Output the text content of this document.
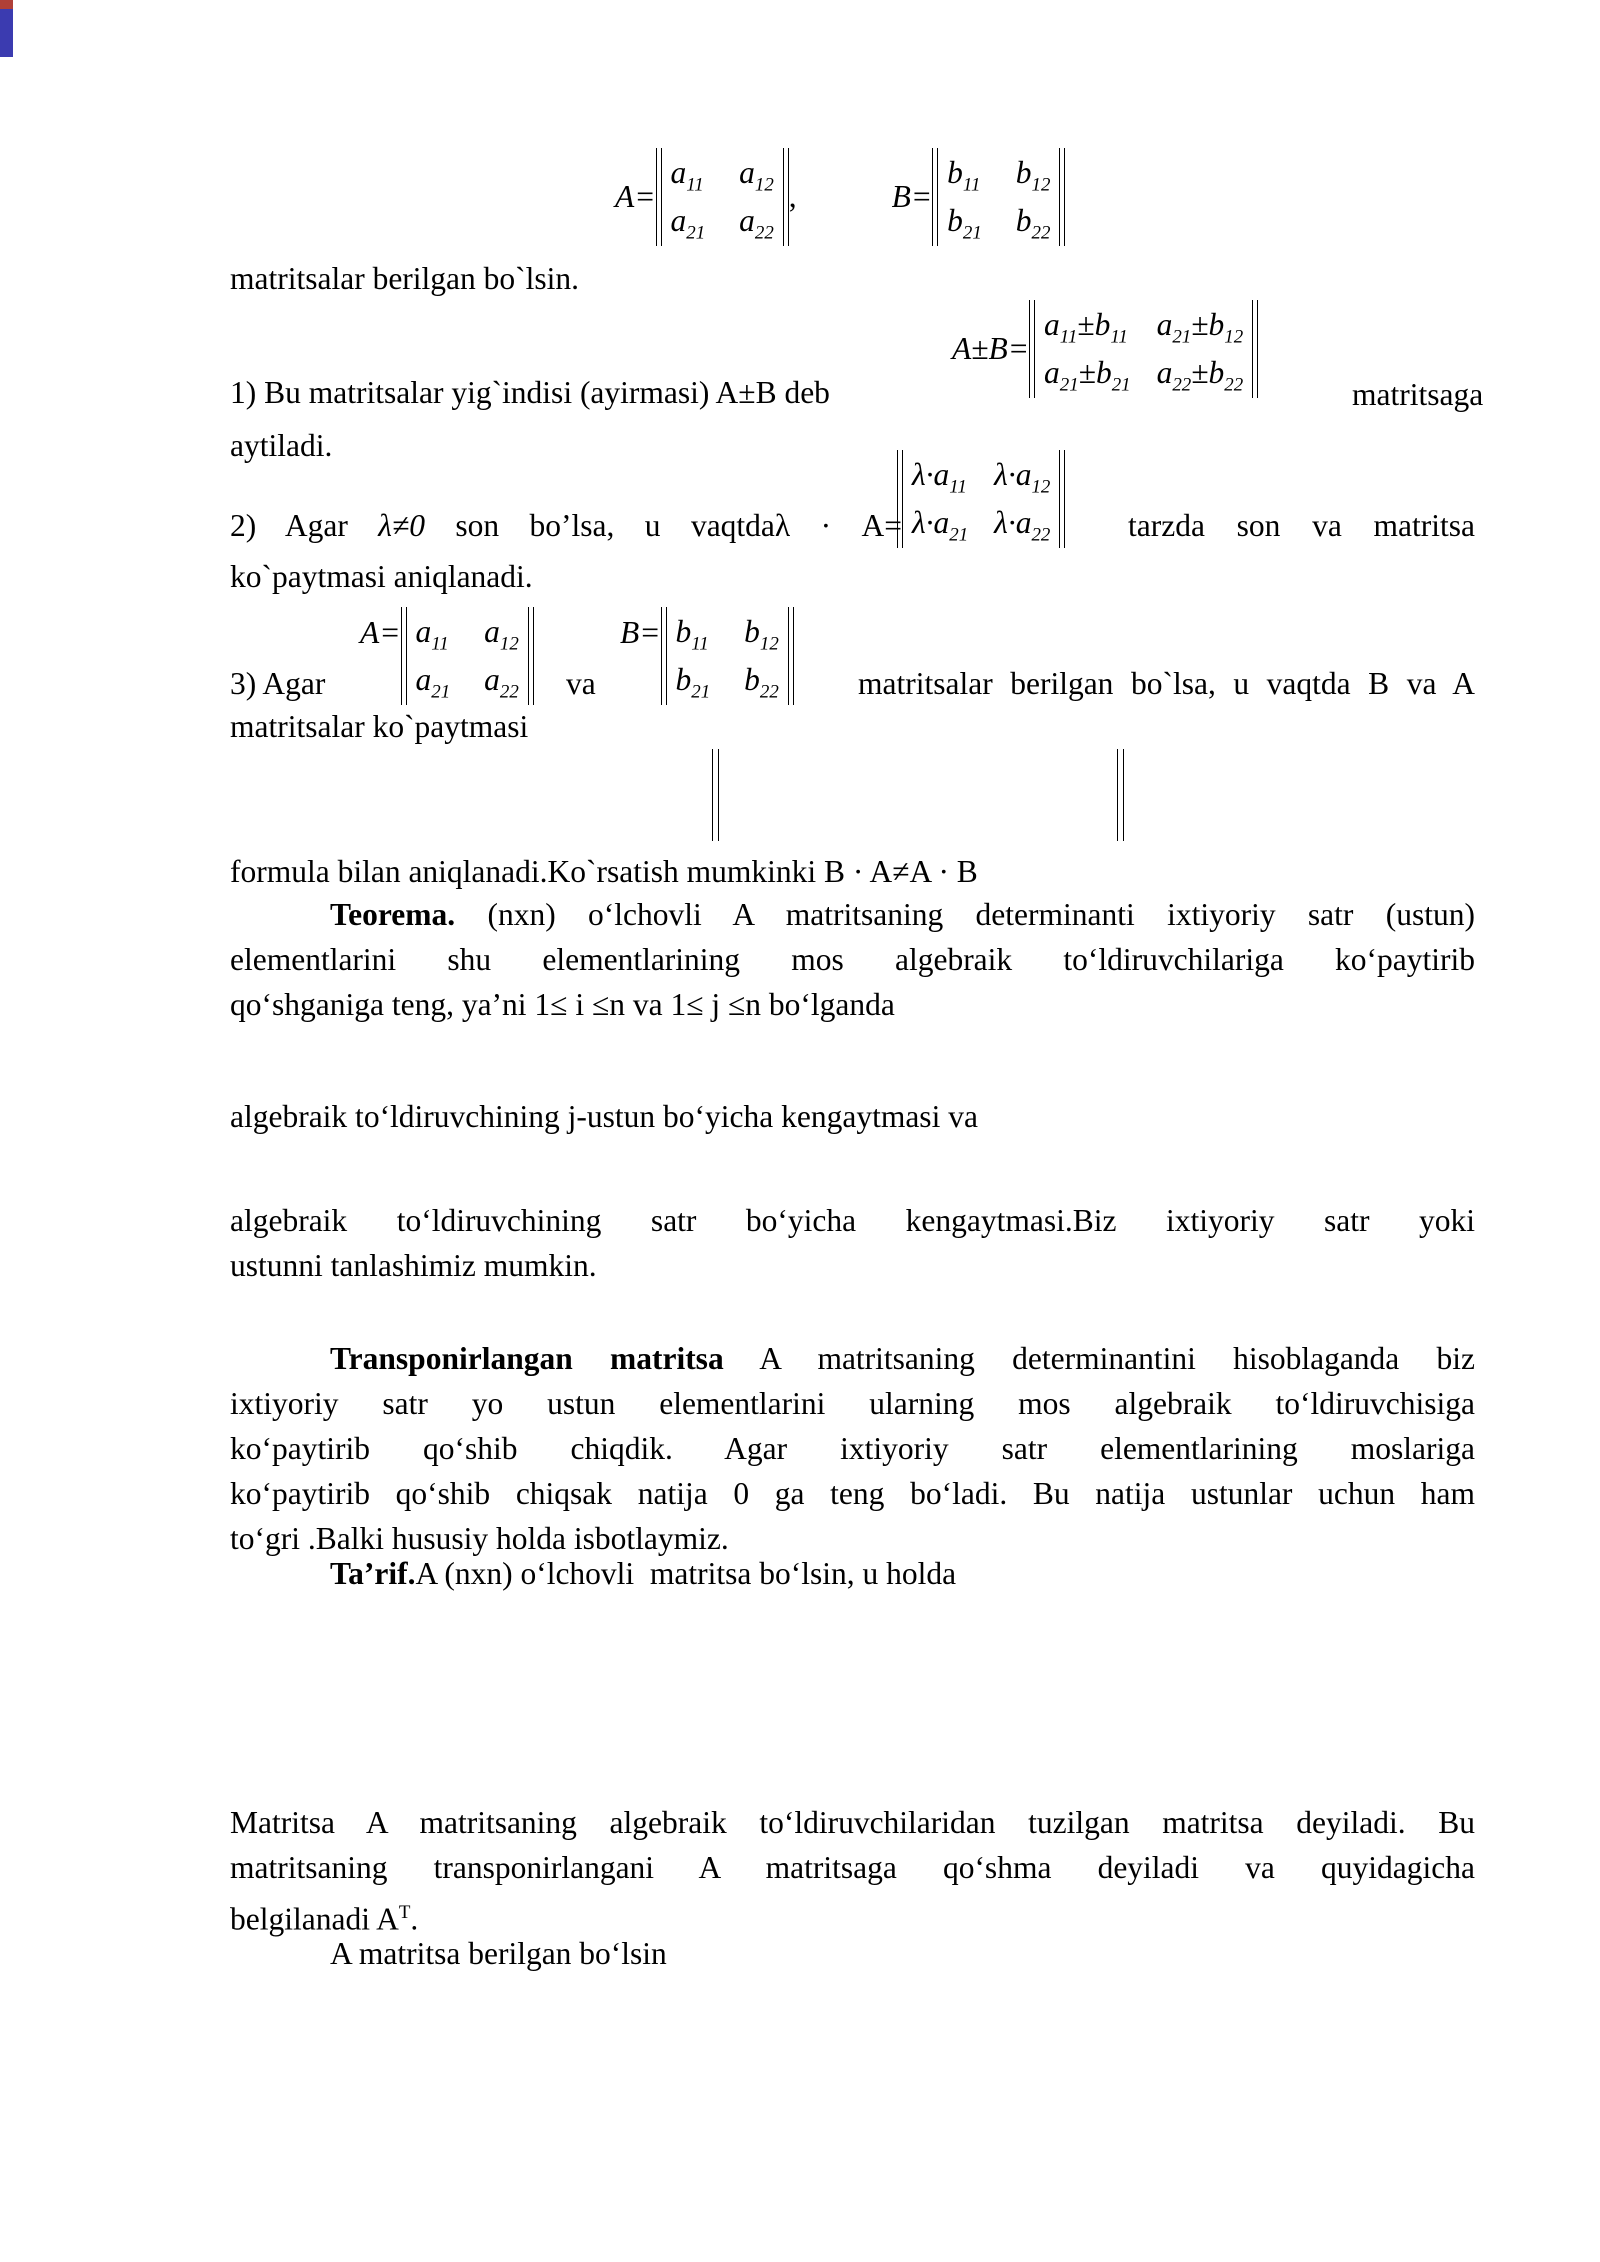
A=
$a_{11}$ $a_{12}$
$a_{21}$ $a_{22}$
,	B=
$b_{11}$ $b_{12}$
$b_{21}$ $b_{22}$
matritsalar berilgan bo`lsin.
A±B=
$a_{11}\pm b_{11}$ $a_{21}\pm b_{12}$
$a_{21}\pm b_{21}$ $a_{22}\pm b_{22}$	matritsaga
1) Bu matritsalar yig`indisi (ayirmasi) A±B deb
aytiladi.
2) Agar λ≠0 son bo’lsa, u vaqtdaλ · A=
$\lambda\cdot a_{11}$ $\lambda\cdot a_{12}$
$\lambda\cdot a_{21}$ $\lambda\cdot a_{22}$ tarzda son va matritsa
ko`paytmasi aniqlanadi.
3) Agar
$A= a_{11}$ $a_{12}$
$a_{21}$ $a_{22}$ va
$B= b_{11}$ $b_{12}$
$b_{21}$ $b_{22}$	matritsalar berilgan bo`lsa, u vaqtda B va A
matritsalar ko`paytmasi
formula bilan aniqlanadi.Ko`rsatish mumkinki B · A≠A · B
Teorema. (nxn) o‘lchovli A matritsaning determinanti ixtiyoriy satr (ustun)
elementlarini shu elementlarining mos algebraik to‘ldiruvchilariga ko‘paytirib
qo‘shganiga teng, ya’ni 1≤ i ≤n va 1≤ j ≤n bo‘lganda
algebraik to‘ldiruvchining j-ustun bo‘yicha kengaytmasi va
algebraik to‘ldiruvchining satr bo‘yicha kengaytmasi.Biz ixtiyoriy satr yoki
ustunni tanlashimiz mumkin.
Transponirlangan matritsa A matritsaning determinantini hisoblaganda biz
ixtiyoriy satr yo ustun elementlarini ularning mos algebraik to‘ldiruvchisiga
ko‘paytirib qo‘shib chiqdik. Agar ixtiyoriy satr elementlarining moslariga
ko‘paytirib qo‘shib chiqsak natija 0 ga teng bo‘ladi. Bu natija ustunlar uchun ham
to‘gri .Balki hususiy holda isbotlaymiz.
Ta’rif.A (nxn) o‘lchovli  matritsa bo‘lsin, u holda
Matritsa A matritsaning algebraik to‘ldiruvchilaridan tuzilgan matritsa deyiladi. Bu
matritsaning transponirlangani A matritsaga qo‘shma deyiladi va quyidagicha
belgilanadi $A^T$.
A matritsa berilgan bo‘lsin
